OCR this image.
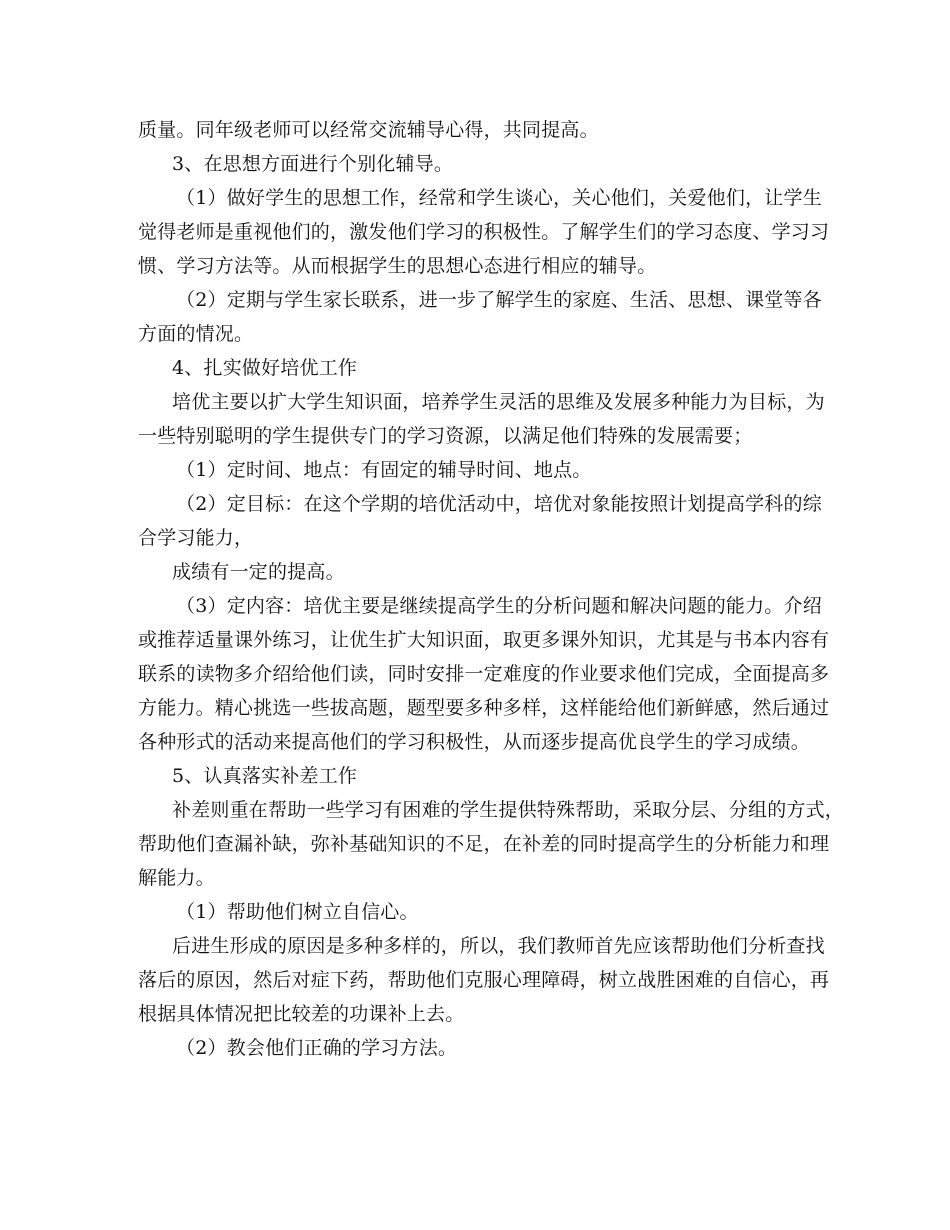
质量。同年级老师可以经常交流辅导心得，共同提高。
3、在思想方面进行个别化辅导。
（1）做好学生的思想工作，经常和学生谈心，关心他们，关爱他们，让学生
觉得老师是重视他们的，激发他们学习的积极性。了解学生们的学习态度、学习习
惯、学习方法等。从而根据学生的思想心态进行相应的辅导。
（2）定期与学生家长联系，进一步了解学生的家庭、生活、思想、课堂等各
方面的情况。
4、扎实做好培优工作
培优主要以扩大学生知识面，培养学生灵活的思维及发展多种能力为目标，为
一些特别聪明的学生提供专门的学习资源，以满足他们特殊的发展需要；
（1）定时间、地点：有固定的辅导时间、地点。
（2）定目标：在这个学期的培优活动中，培优对象能按照计划提高学科的综
合学习能力，
成绩有一定的提高。
（3）定内容：培优主要是继续提高学生的分析问题和解决问题的能力。介绍
或推荐适量课外练习，让优生扩大知识面，取更多课外知识，尤其是与书本内容有
联系的读物多介绍给他们读，同时安排一定难度的作业要求他们完成，全面提高多
方能力。精心挑选一些拔高题，题型要多种多样，这样能给他们新鲜感，然后通过
各种形式的活动来提高他们的学习积极性，从而逐步提高优良学生的学习成绩。
5、认真落实补差工作
补差则重在帮助一些学习有困难的学生提供特殊帮助，采取分层、分组的方式，
帮助他们查漏补缺，弥补基础知识的不足，在补差的同时提高学生的分析能力和理
解能力。
（1）帮助他们树立自信心。
后进生形成的原因是多种多样的，所以，我们教师首先应该帮助他们分析查找
落后的原因，然后对症下药，帮助他们克服心理障碍，树立战胜困难的自信心，再
根据具体情况把比较差的功课补上去。
（2）教会他们正确的学习方法。
